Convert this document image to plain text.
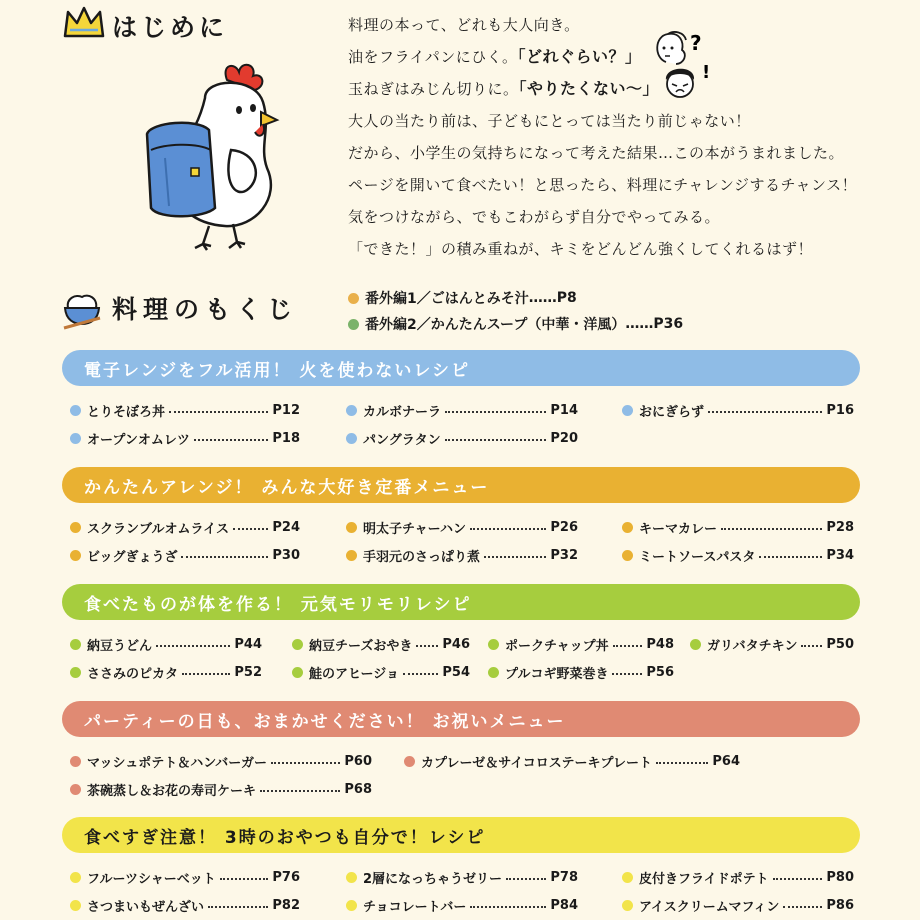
はじめに	料理の本って、どれも大人向き。
油をフライパンにひく。「どれぐらい？」
玉ねぎはみじん切りに。「やりたくない～」
大人の当たり前は、子どもにとっては当たり前じゃない！
だから、小学生の気持ちになって考えた結果…この本がうまれました。
ページを開いて食べたい！と思ったら、料理にチャレンジするチャンス！
気をつけながら、でもこわがらず自分でやってみる。
「できた！」の積み重ねが、キミをどんどん強くしてくれるはず！
?
!
料理のもくじ	番外編1／ごはんとみそ汁 …… P8
番外編2／かんたんスープ（中華・洋風） …… P36
電子レンジをフル活用！ 火を使わないレシピ
とりそぼろ丼	P12	カルボナーラ	P14	おにぎらず	P16
オープンオムレツ	P18	パングラタン	P20
かんたんアレンジ！ みんな大好き定番メニュー
スクランブルオムライス	P24	明太子チャーハン	P26	キーマカレー	P28
ビッグぎょうざ	P30	手羽元のさっぱり煮	P32	ミートソースパスタ	P34
食べたものが体を作る！ 元気モリモリレシピ
納豆うどん	P44	納豆チーズおやき P46	ポークチャップ丼	P48	ガリバタチキン P50
ささみのピカタ	P52	鮭のアヒージョ	P54	プルコギ野菜巻き	P56
パーティーの日も、おまかせください！ お祝いメニュー
マッシュポテト＆ハンバーガー	P60	カプレーゼ＆サイコロステーキプレート	P64
茶碗蒸し＆お花の寿司ケーキ	P68
食べすぎ注意！ 3時のおやつも自分で！レシピ
フルーツシャーベット	P76	2層になっちゃうゼリー	P78	皮付きフライドポテト	P80
さつまいもぜんざい	P82	チョコレートバー	P84	アイスクリームマフィン	P86
